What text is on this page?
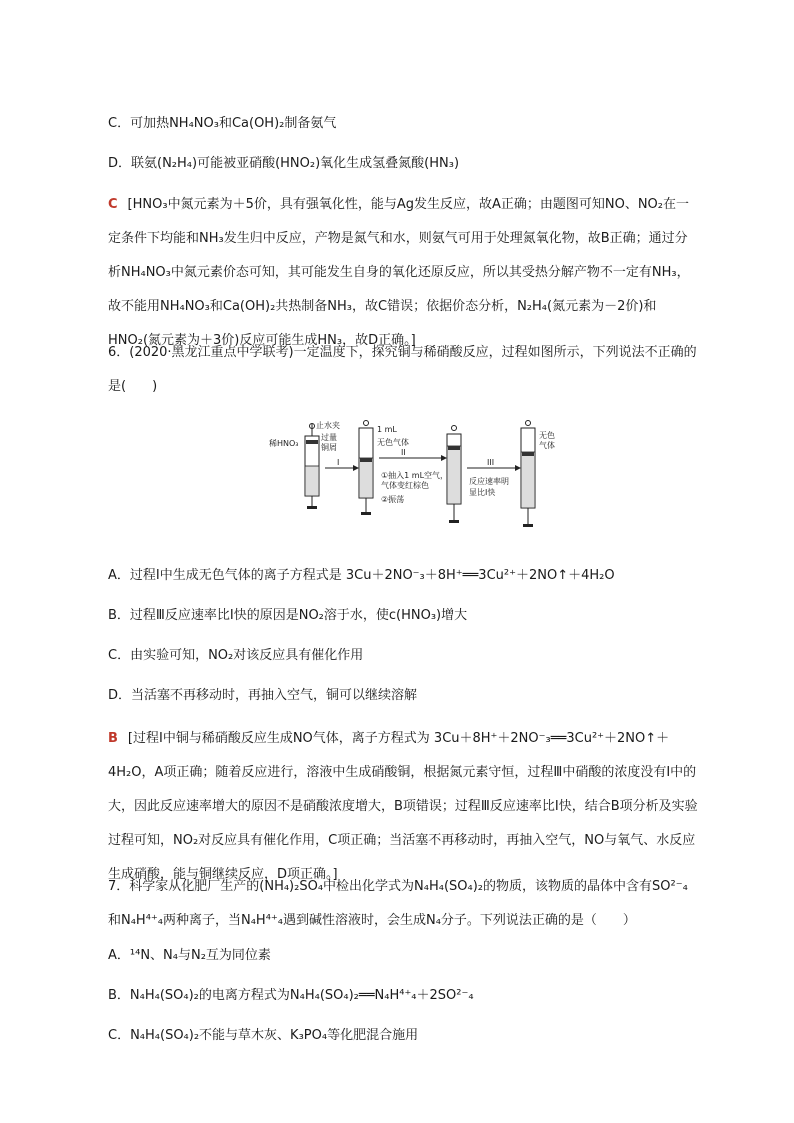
C．可加热NH₄NO₃和Ca(OH)₂制备氨气
D．联氨(N₂H₄)可能被亚硝酸(HNO₂)氧化生成氢叠氮酸(HN₃)
C [HNO₃中氮元素为＋5价，具有强氧化性，能与Ag发生反应，故A正确；由题图可知NO、NO₂在一定条件下均能和NH₃发生归中反应，产物是氮气和水，则氨气可用于处理氮氧化物，故B正确；通过分析NH₄NO₃中氮元素价态可知，其可能发生自身的氧化还原反应，所以其受热分解产物不一定有NH₃，故不能用NH₄NO₃和Ca(OH)₂共热制备NH₃，故C错误；依据价态分析，N₂H₄(氮元素为－2价)和HNO₂(氮元素为＋3价)反应可能生成HN₃，故D正确。]
6．(2020·黑龙江重点中学联考)一定温度下，探究铜与稀硝酸反应，过程如图所示，下列说法不正确的是(　　)
止水夹
稀HNO₃
过量
铜屑
1 mL
无色气体
I
II
III
①抽入1 mL空气，
气体变红棕色
②振荡
反应速率明
显比Ⅰ快
无色
气体
A．过程Ⅰ中生成无色气体的离子方程式是 3Cu＋2NO⁻₃＋8H⁺══3Cu²⁺＋2NO↑＋4H₂O
B．过程Ⅲ反应速率比Ⅰ快的原因是NO₂溶于水，使c(HNO₃)增大
C．由实验可知，NO₂对该反应具有催化作用
D．当活塞不再移动时，再抽入空气，铜可以继续溶解
B [过程Ⅰ中铜与稀硝酸反应生成NO气体，离子方程式为 3Cu＋8H⁺＋2NO⁻₃══3Cu²⁺＋2NO↑＋4H₂O，A项正确；随着反应进行，溶液中生成硝酸铜，根据氮元素守恒，过程Ⅲ中硝酸的浓度没有Ⅰ中的大，因此反应速率增大的原因不是硝酸浓度增大，B项错误；过程Ⅲ反应速率比Ⅰ快，结合B项分析及实验过程可知，NO₂对反应具有催化作用，C项正确；当活塞不再移动时，再抽入空气，NO与氧气、水反应生成硝酸，能与铜继续反应，D项正确。]
7．科学家从化肥厂生产的(NH₄)₂SO₄中检出化学式为N₄H₄(SO₄)₂的物质，该物质的晶体中含有SO²⁻₄和N₄H⁴⁺₄两种离子，当N₄H⁴⁺₄遇到碱性溶液时，会生成N₄分子。下列说法正确的是（　　）
A．¹⁴N、N₄与N₂互为同位素
B．N₄H₄(SO₄)₂的电离方程式为N₄H₄(SO₄)₂══N₄H⁴⁺₄＋2SO²⁻₄
C．N₄H₄(SO₄)₂不能与草木灰、K₃PO₄等化肥混合施用
